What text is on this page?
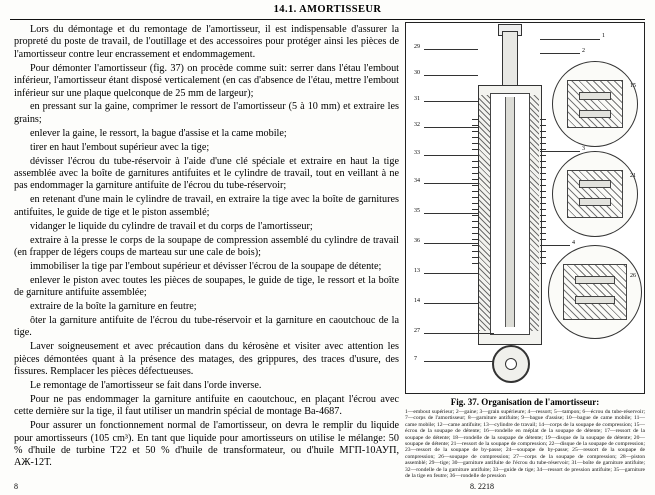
14.1. AMORTISSEUR

Lors du démontage et du remontage de l'amortisseur, il est indispensable d'assurer la propreté du poste de travail, de l'outillage et des accessoires pour protéger ainsi les pièces de l'amortisseur contre leur encrassement et endommagement.

Pour démonter l'amortisseur (fig. 37) on procède comme suit: serrer dans l'étau l'embout inférieur, l'amortisseur étant disposé verticalement (en cas d'absence de l'étau, mettre l'embout inférieur sur une plaque quelconque de 25 mm de largeur);

en pressant sur la gaine, comprimer le ressort de l'amortisseur (5 à 10 mm) et extraire les grains;

enlever la gaine, le ressort, la bague d'assise et la came mobile;

tirer en haut l'embout supérieur avec la tige;

dévisser l'écrou du tube-réservoir à l'aide d'une clé spéciale et extraire en haut la tige assemblée avec la boîte de garnitures antifuites et le cylindre de travail, tout en veillant à ne pas endommager la garniture antifuite de l'écrou du tube-réservoir;

en retenant d'une main le cylindre de travail, en extraire la tige avec la boîte de garnitures antifuites, le guide de tige et le piston assemblé;

vidanger le liquide du cylindre de travail et du corps de l'amortisseur;

extraire à la presse le corps de la soupape de compression assemblé du cylindre de travail (en frapper de légers coups de marteau sur une cale de bois);

immobiliser la tige par l'embout supérieur et dévisser l'écrou de la soupape de détente;

enlever le piston avec toutes les pièces de soupapes, le guide de tige, le ressort et la boîte de garniture antifuite assemblée;

extraire de la boîte la garniture en feutre;

ôter la garniture antifuite de l'écrou du tube-réservoir et la garniture en caoutchouc de la tige.

Laver soigneusement et avec précaution dans du kérosène et visiter avec attention les pièces démontées quant à la présence des matages, des grippures, des traces d'usure, des fissures. Remplacer les pièces défectueuses.

Le remontage de l'amortisseur se fait dans l'orde inverse.

Pour ne pas endommager la garniture antifuite en caoutchouc, en plaçant l'écrou avec cette dernière sur la tige, il faut utiliser un mandrin spécial de montage Ba-4687.

Pour assurer un fonctionnement normal de l'amortisseur, on devra le remplir du liquide pour amortisseurs (105 cm³). En tant que liquide pour amortisseurs on utilise le mélange: 50 % d'huile de turbine T22 et 50 % d'huile de transformateur, ou d'huile МГП-10АУП, АЖ-12Т.

29
30
31
32
33
34
35
36
13
14
27
7
1
2
3
4
15
21
26
Fig. 37. Organisation de l'amortisseur:
1—embout supérieur; 2—gaine; 3—grain supérieure; 4—ressort; 5—tampon; 6—écrou du tube-réservoir; 7—corps de l'amortisseur; 8—garniture antifuite; 9—bague d'assise; 10—bague de came mobile; 11—came mobile; 12—came antifuite; 13—cylindre de travail; 14—corps de la soupape de compression; 15—écrou de la soupape de détente; 16—rondelle en méplat de la soupape de détente; 17—ressort de la soupape de détente; 18—rondelle de la soupape de détente; 19—disque de la soupape de détente; 20—soupape de détente; 21—ressort de la soupape de compression; 22—disque de la soupape de compression; 23—ressort de la soupape de by-passe; 24—soupape de by-passe; 25—ressort de la soupape de compression; 26—soupape de compression; 27—corps de la soupape de compression; 28—piston assemblé; 29—tige; 30—garniture antifuite de l'écrou du tube-réservoir; 31—boîte de garniture antifuite; 32—rondelle de la garniture antifuite; 33—guide de tige; 34—ressort de pression antifuite; 35—garniture de la tige en feutre; 36—rondelle de pression
8	8. 2218
